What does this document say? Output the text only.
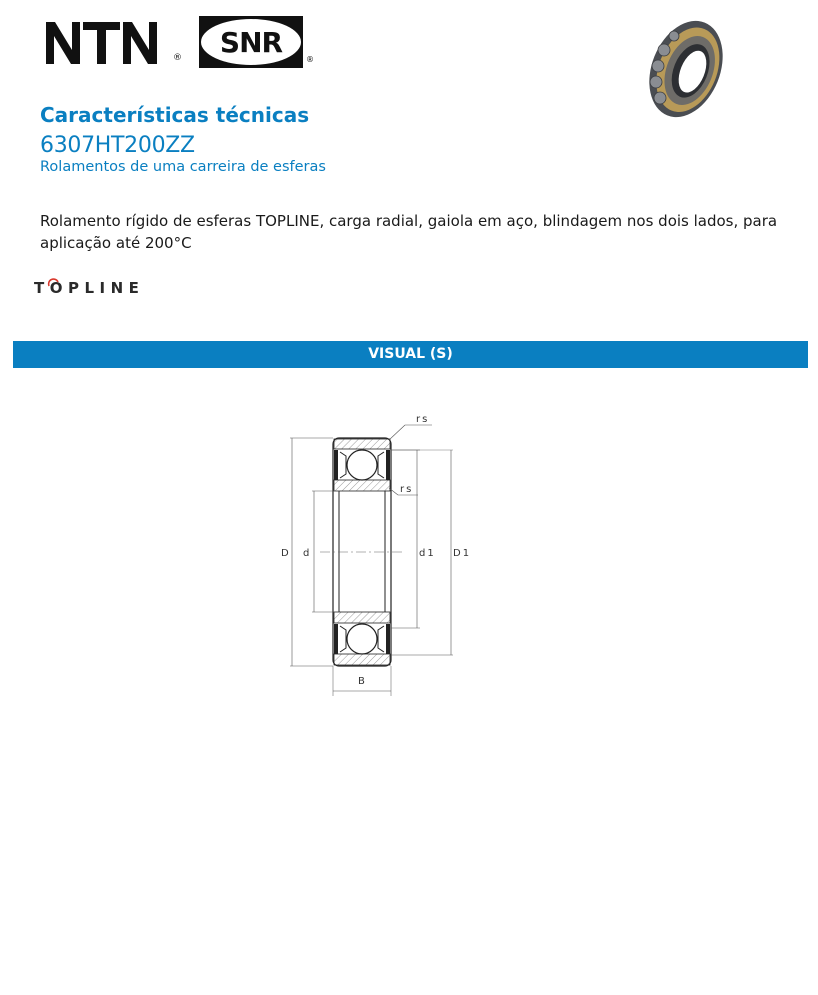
® SNR
®
Características técnicas
6307HT200ZZ
Rolamentos de uma carreira de esferas

Rolamento rígido de esferas TOPLINE, carga radial, gaiola em aço, blindagem nos dois lados, para aplicação até 200°C

TOPLINE
VISUAL (S)
rs
rs
D d	d1 D1
B
